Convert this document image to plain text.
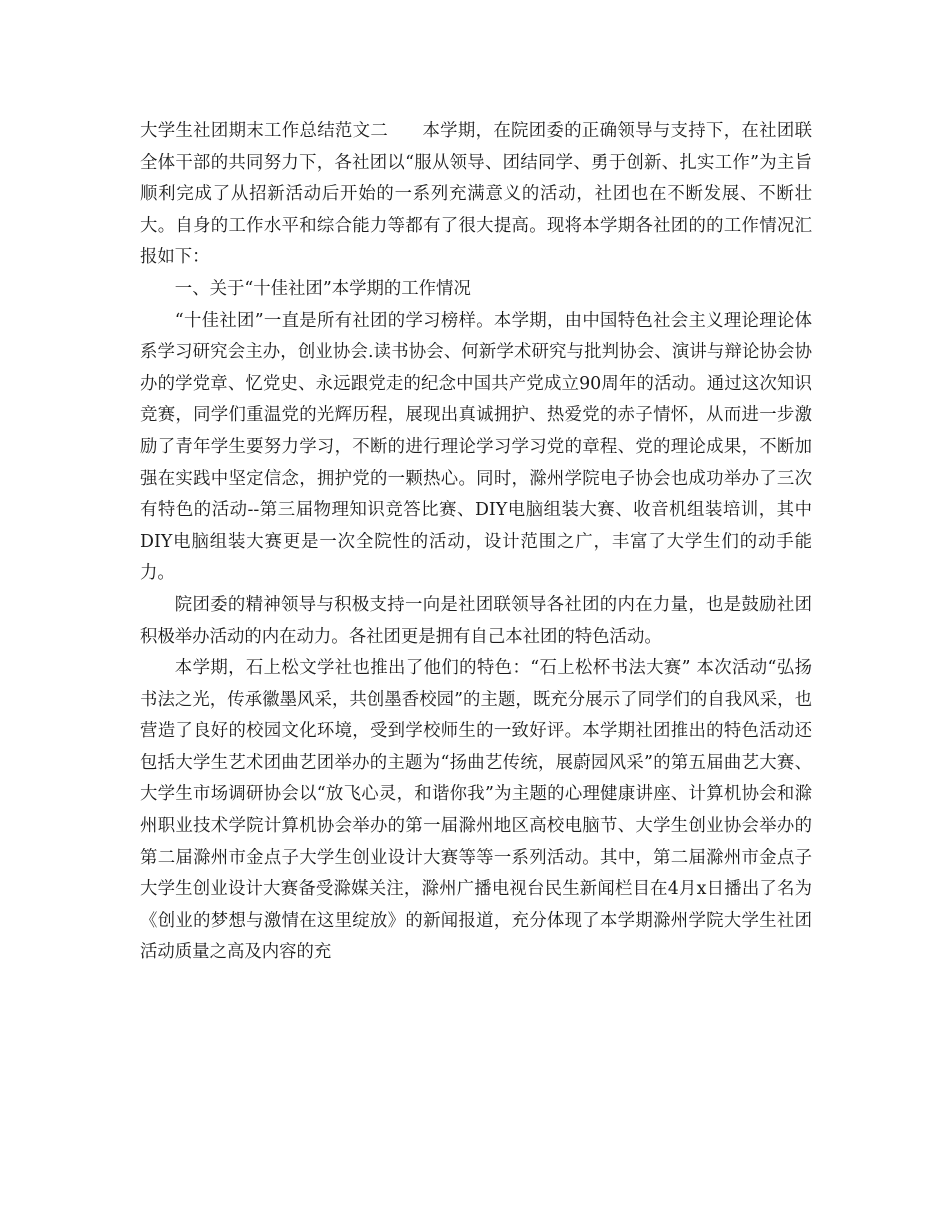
大学生社团期末工作总结范文二 本学期，在院团委的正确领导与支持下，在社团联全体干部的共同努力下，各社团以“服从领导、团结同学、勇于创新、扎实工作”为主旨顺利完成了从招新活动后开始的一系列充满意义的活动，社团也在不断发展、不断壮大。自身的工作水平和综合能力等都有了很大提高。现将本学期各社团的的工作情况汇报如下：

一、关于“十佳社团”本学期的工作情况

“十佳社团”一直是所有社团的学习榜样。本学期，由中国特色社会主义理论理论体系学习研究会主办，创业协会.读书协会、何新学术研究与批判协会、演讲与辩论协会协办的学党章、忆党史、永远跟党走的纪念中国共产党成立90周年的活动。通过这次知识竞赛，同学们重温党的光辉历程，展现出真诚拥护、热爱党的赤子情怀，从而进一步激励了青年学生要努力学习，不断的进行理论学习学习党的章程、党的理论成果，不断加强在实践中坚定信念，拥护党的一颗热心。同时，滁州学院电子协会也成功举办了三次有特色的活动--第三届物理知识竞答比赛、DIY电脑组装大赛、收音机组装培训，其中DIY电脑组装大赛更是一次全院性的活动，设计范围之广，丰富了大学生们的动手能力。

院团委的精神领导与积极支持一向是社团联领导各社团的内在力量，也是鼓励社团积极举办活动的内在动力。各社团更是拥有自己本社团的特色活动。

本学期，石上松文学社也推出了他们的特色：“石上松杯书法大赛” 本次活动“弘扬书法之光，传承徽墨风采，共创墨香校园”的主题，既充分展示了同学们的自我风采，也营造了良好的校园文化环境，受到学校师生的一致好评。本学期社团推出的特色活动还包括大学生艺术团曲艺团举办的主题为“扬曲艺传统，展蔚园风采”的第五届曲艺大赛、大学生市场调研协会以“放飞心灵，和谐你我”为主题的心理健康讲座、计算机协会和滁州职业技术学院计算机协会举办的第一届滁州地区高校电脑节、大学生创业协会举办的第二届滁州市金点子大学生创业设计大赛等等一系列活动。其中，第二届滁州市金点子大学生创业设计大赛备受滁媒关注，滁州广播电视台民生新闻栏目在4月x日播出了名为《创业的梦想与激情在这里绽放》的新闻报道，充分体现了本学期滁州学院大学生社团活动质量之高及内容的充
